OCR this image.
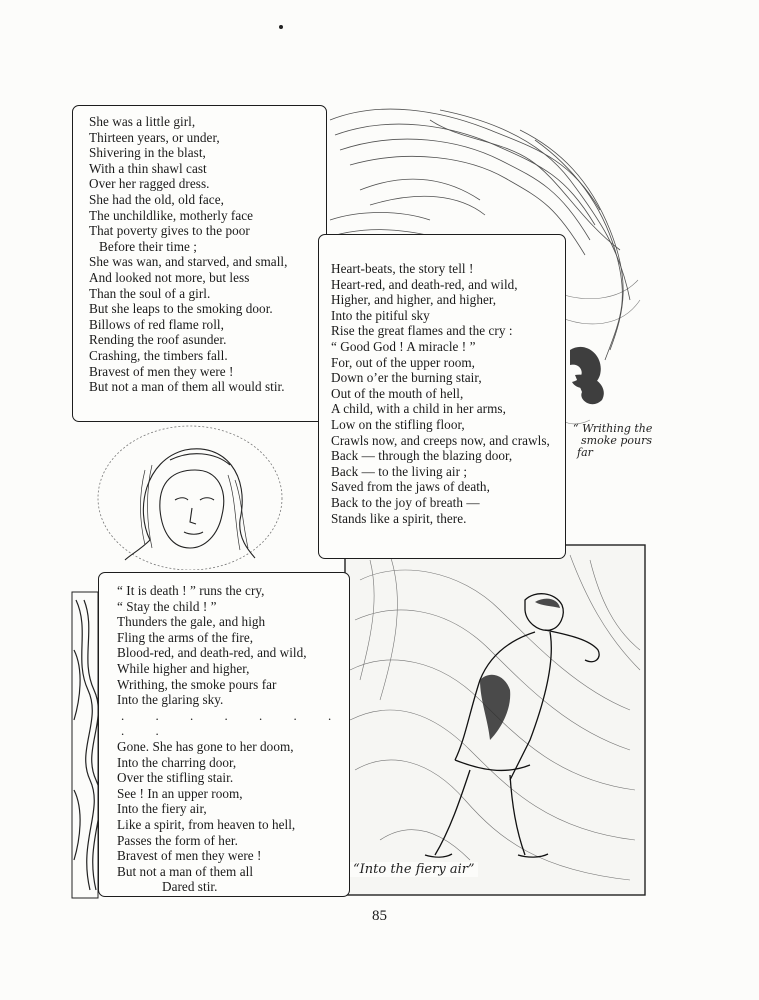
She was a little girl,
Thirteen years, or under,
Shivering in the blast,
With a thin shawl cast
Over her ragged dress.
She had the old, old face,
The unchildlike, motherly face
That poverty gives to the poor
Before their time ;
She was wan, and starved, and small,
And looked not more, but less
Than the soul of a girl.
But she leaps to the smoking door.
Billows of red flame roll,
Rending the roof asunder.
Crashing, the timbers fall.
Bravest of men they were !
But not a man of them all would stir.
Heart-beats, the story tell !
Heart-red, and death-red, and wild,
Higher, and higher, and higher,
Into the pitiful sky
Rise the great flames and the cry :
“ Good God ! A miracle ! ”
For, out of the upper room,
Down o’er the burning stair,
Out of the mouth of hell,
A child, with a child in her arms,
Low on the stifling floor,
Crawls now, and creeps now, and crawls,
Back — through the blazing door,
Back — to the living air ;
Saved from the jaws of death,
Back to the joy of breath —
Stands like a spirit, there.
“ It is death ! ” runs the cry,
“ Stay the child ! ”
Thunders the gale, and high
Fling the arms of the fire,
Blood-red, and death-red, and wild,
While higher and higher,
Writhing, the smoke pours far
Into the glaring sky.
. . . . . . . . .
Gone. She has gone to her doom,
Into the charring door,
Over the stifling stair.
See ! In an upper room,
Into the fiery air,
Like a spirit, from heaven to hell,
Passes the form of her.
Bravest of men they were !
But not a man of them all
Dared stir.
“ Writhing the
smoke pours
far
“Into the fiery air”
85
